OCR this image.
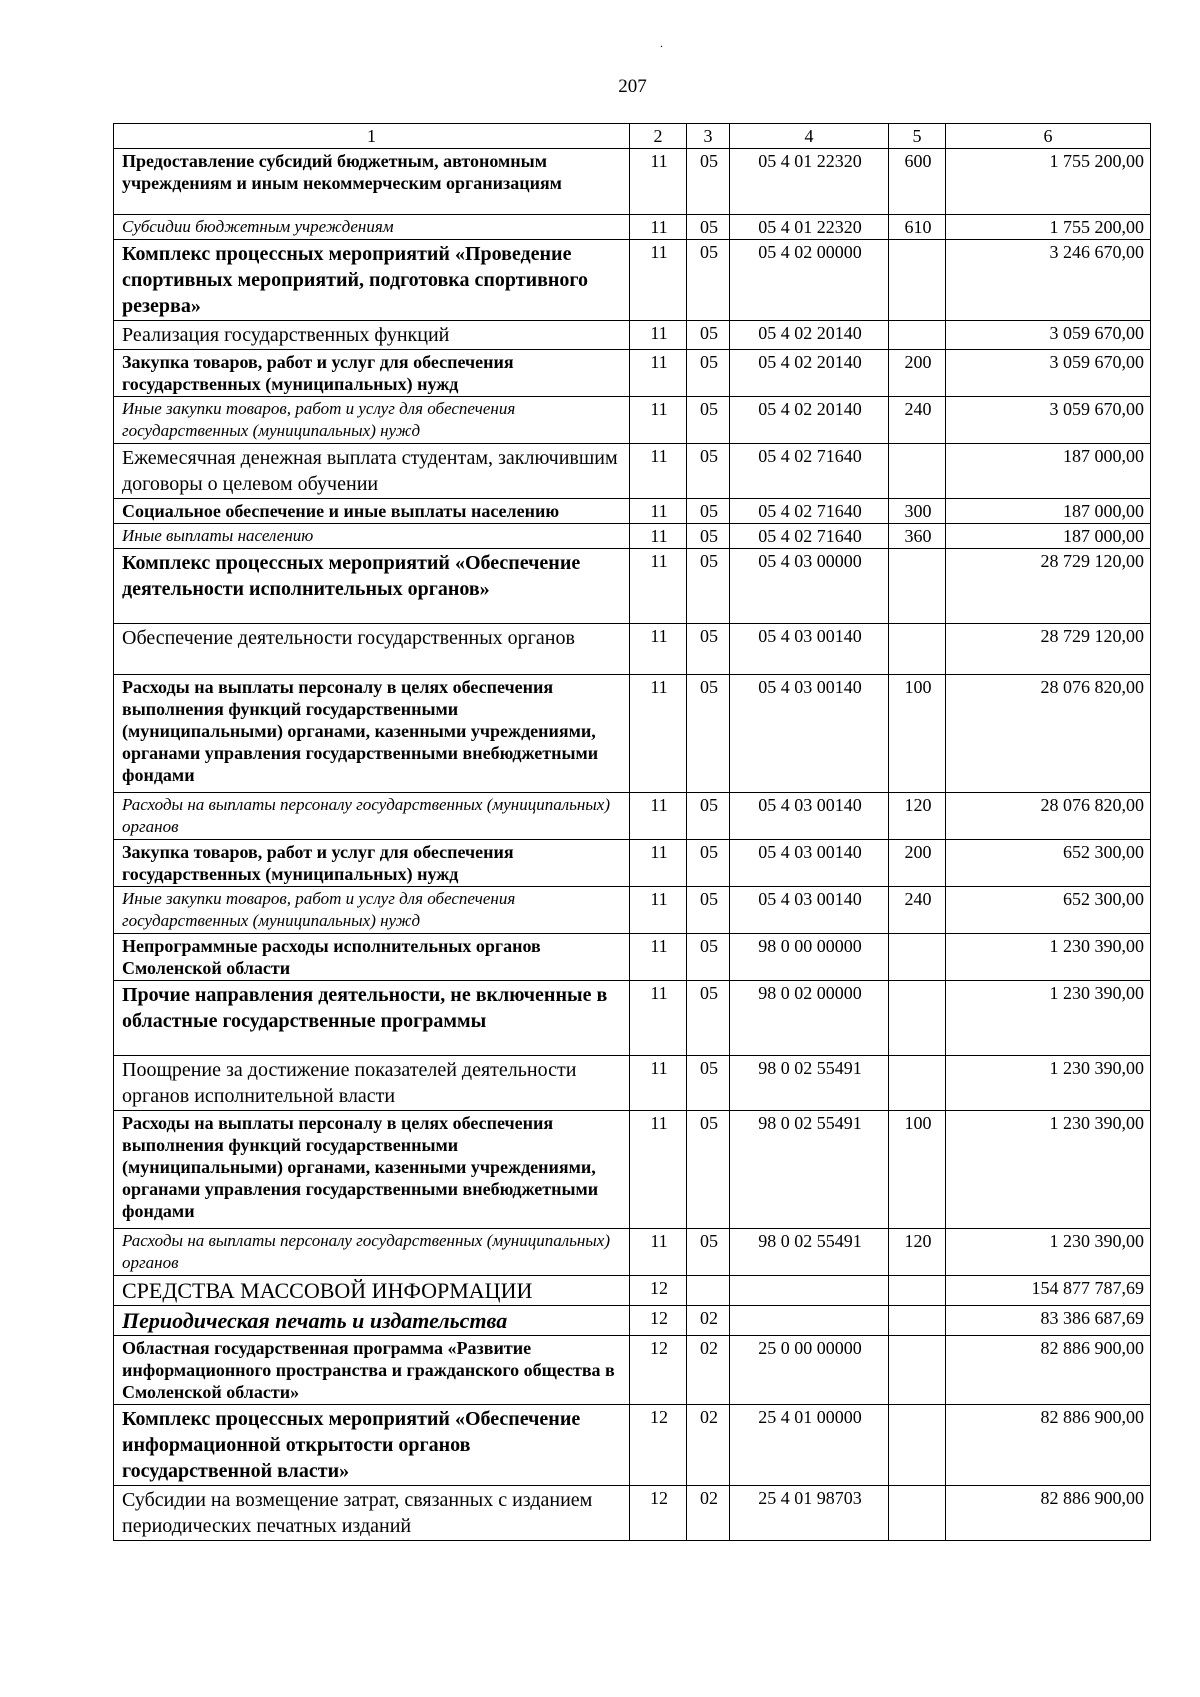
.
207
1	2	3	4	5	6
Предоставление субсидий бюджетным, автономным учреждениям и иным некоммерческим организациям	11	05	05 4 01 22320	600	1 755 200,00
Субсидии бюджетным учреждениям	11	05	05 4 01 22320	610	1 755 200,00
Комплекс процессных мероприятий «Проведение спортивных мероприятий, подготовка спортивного резерва»	11	05	05 4 02 00000		3 246 670,00
Реализация государственных функций	11	05	05 4 02 20140		3 059 670,00
Закупка товаров, работ и услуг для обеспечения государственных (муниципальных) нужд	11	05	05 4 02 20140	200	3 059 670,00
Иные закупки товаров, работ и услуг для обеспечения государственных (муниципальных) нужд	11	05	05 4 02 20140	240	3 059 670,00
Ежемесячная денежная выплата студентам, заключившим договоры о целевом обучении	11	05	05 4 02 71640		187 000,00
Социальное обеспечение и иные выплаты населению	11	05	05 4 02 71640	300	187 000,00
Иные выплаты населению	11	05	05 4 02 71640	360	187 000,00
Комплекс процессных мероприятий «Обеспечение деятельности исполнительных органов»	11	05	05 4 03 00000		28 729 120,00
Обеспечение деятельности государственных органов	11	05	05 4 03 00140		28 729 120,00
Расходы на выплаты персоналу в целях обеспечения выполнения функций государственными (муниципальными) органами, казенными учреждениями, органами управления государственными внебюджетными фондами	11	05	05 4 03 00140	100	28 076 820,00
Расходы на выплаты персоналу государственных (муниципальных) органов	11	05	05 4 03 00140	120	28 076 820,00
Закупка товаров, работ и услуг для обеспечения государственных (муниципальных) нужд	11	05	05 4 03 00140	200	652 300,00
Иные закупки товаров, работ и услуг для обеспечения государственных (муниципальных) нужд	11	05	05 4 03 00140	240	652 300,00
Непрограммные расходы исполнительных органов Смоленской области	11	05	98 0 00 00000		1 230 390,00
Прочие направления деятельности, не включенные в областные государственные программы	11	05	98 0 02 00000		1 230 390,00
Поощрение за достижение показателей деятельности органов исполнительной власти	11	05	98 0 02 55491		1 230 390,00
Расходы на выплаты персоналу в целях обеспечения выполнения функций государственными (муниципальными) органами, казенными учреждениями, органами управления государственными внебюджетными фондами	11	05	98 0 02 55491	100	1 230 390,00
Расходы на выплаты персоналу государственных (муниципальных) органов	11	05	98 0 02 55491	120	1 230 390,00
СРЕДСТВА МАССОВОЙ ИНФОРМАЦИИ	12				154 877 787,69
Периодическая печать и издательства	12	02			83 386 687,69
Областная государственная программа «Развитие информационного пространства и гражданского общества в Смоленской области»	12	02	25 0 00 00000		82 886 900,00
Комплекс процессных мероприятий «Обеспечение информационной открытости органов государственной власти»	12	02	25 4 01 00000		82 886 900,00
Субсидии на возмещение затрат, связанных с изданием периодических печатных изданий	12	02	25 4 01 98703		82 886 900,00
